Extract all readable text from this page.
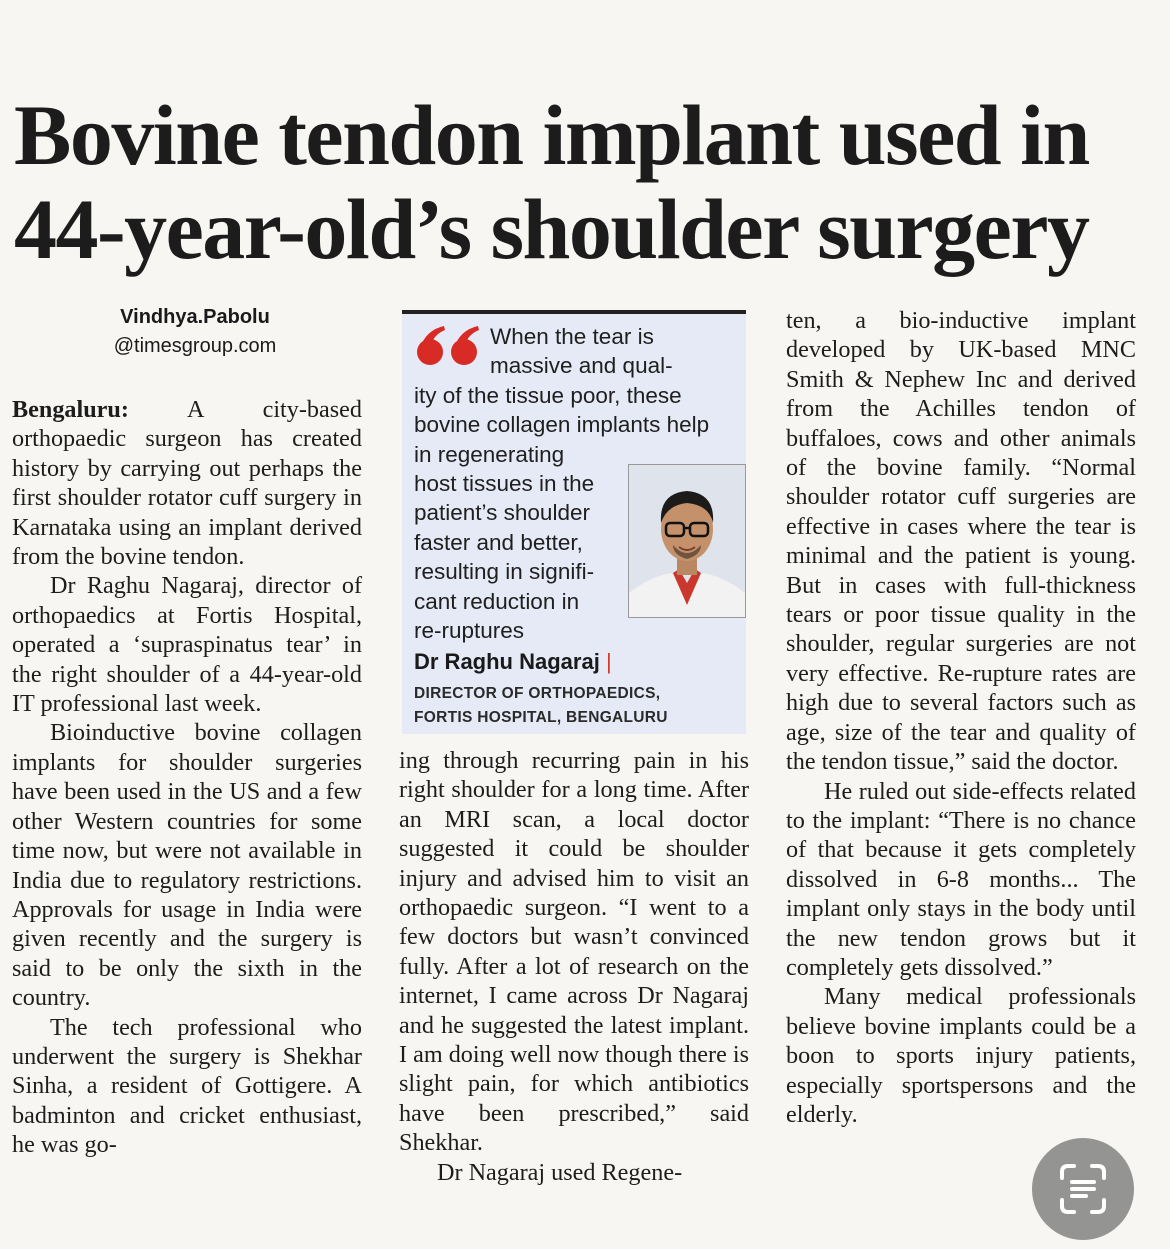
Bovine tendon implant used in
44-year-old’s shoulder surgery
Vindhya.Pabolu
@timesgroup.com

Bengaluru: A city-based orthopaedic surgeon has created history by carrying out perhaps the first shoulder rotator cuff surgery in Karnataka using an implant derived from the bovine tendon.

Dr Raghu Nagaraj, director of orthopaedics at Fortis Hospital, operated a ‘supraspinatus tear’ in the right shoulder of a 44-year-old IT professional last week.

Bioinductive bovine collagen implants for shoulder surgeries have been used in the US and a few other Western countries for some time now, but were not available in India due to regulatory restrictions. Approvals for usage in India were given recently and the surgery is said to be only the sixth in the country.

The tech professional who underwent the surgery is Shekhar Sinha, a resident of Gottigere. A badminton and cricket enthusiast, he was go-

When the tear is
massive and qual-
ity of the tissue poor, these
bovine collagen implants help
in regenerating
host tissues in the
patient’s shoulder
faster and better,
resulting in signifi-
cant reduction in
re-ruptures
Dr Raghu Nagaraj |
DIRECTOR OF ORTHOPAEDICS,
FORTIS HOSPITAL, BENGALURU

ing through recurring pain in his right shoulder for a long time. After an MRI scan, a local doctor suggested it could be shoulder injury and advised him to visit an orthopaedic surgeon. “I went to a few doctors but wasn’t convinced fully. After a lot of research on the internet, I came across Dr Nagaraj and he suggested the latest implant. I am doing well now though there is slight pain, for which antibiotics have been prescribed,” said Shekhar.

Dr Nagaraj used Regene-

ten, a bio-inductive implant developed by UK-based MNC Smith & Nephew Inc and derived from the Achilles tendon of buffaloes, cows and other animals of the bovine family. “Normal shoulder rotator cuff surgeries are effective in cases where the tear is minimal and the patient is young. But in cases with full-thickness tears or poor tissue quality in the shoulder, regular surgeries are not very effective. Re-rupture rates are high due to several factors such as age, size of the tear and quality of the tendon tissue,” said the doctor.

He ruled out side-effects related to the implant: “There is no chance of that because it gets completely dissolved in 6-8 months... The implant only stays in the body until the new tendon grows but it completely gets dissolved.”

Many medical professionals believe bovine implants could be a boon to sports injury patients, especially sportspersons and the elderly.
